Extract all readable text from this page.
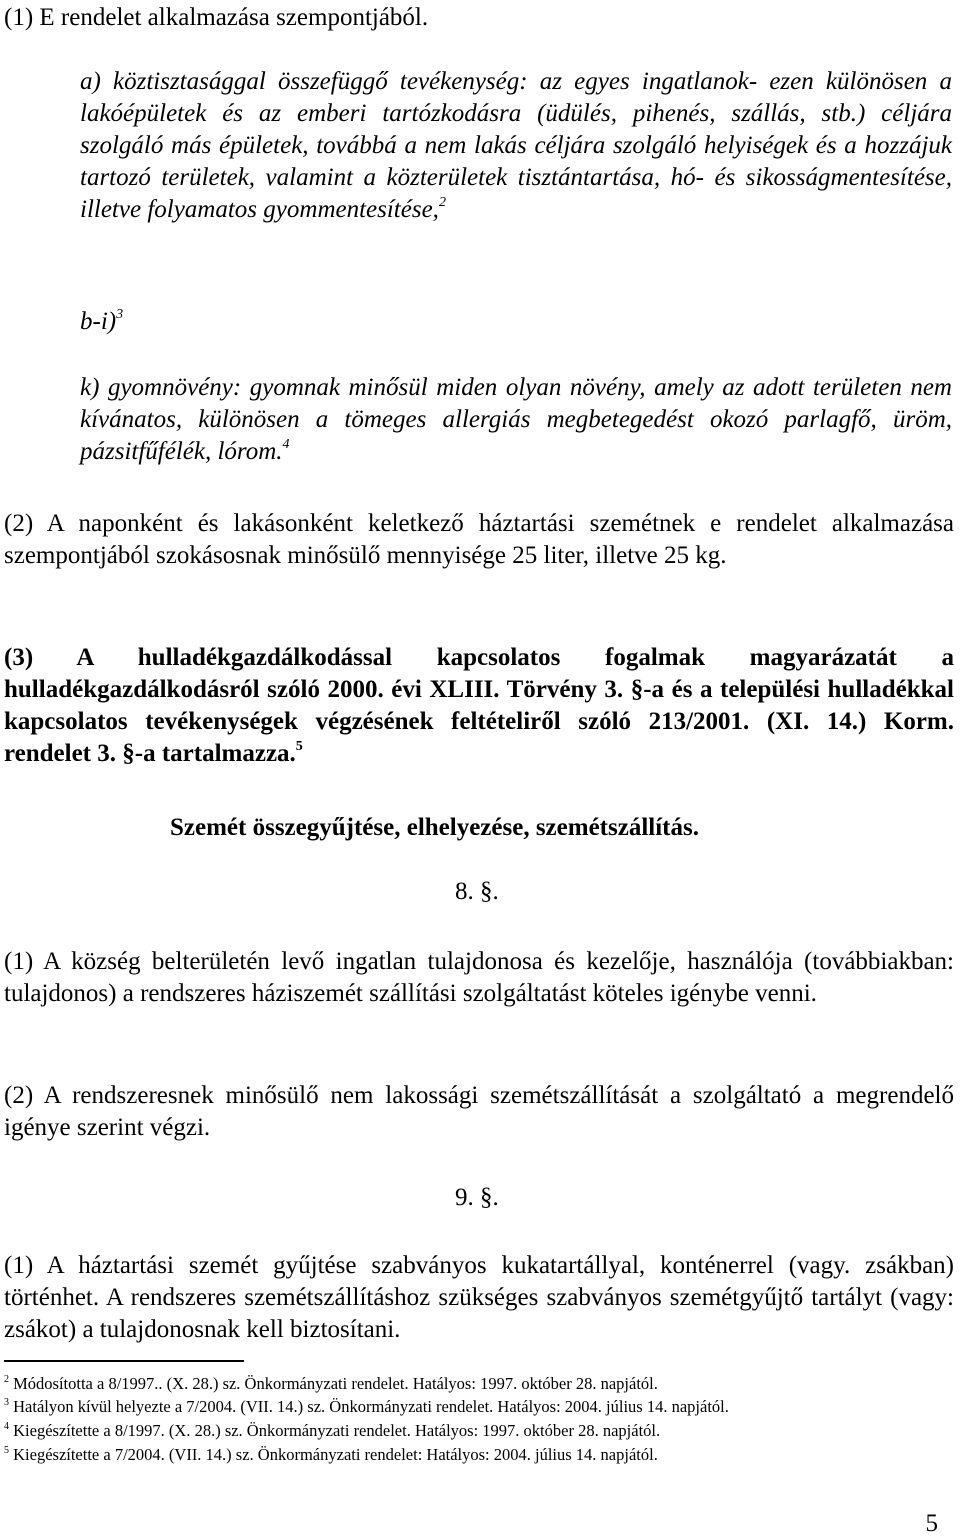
(1) E rendelet alkalmazása szempontjából.

a) köztisztasággal összefüggő tevékenység: az egyes ingatlanok- ezen különösen a lakóépületek és az emberi tartózkodásra (üdülés, pihenés, szállás, stb.) céljára szolgáló más épületek, továbbá a nem lakás céljára szolgáló helyiségek és a hozzájuk tartozó területek, valamint a közterületek tisztántartása, hó- és sikosságmentesítése, illetve folyamatos gyommentesítése,$^2$

b-i)$^3$

k) gyomnövény: gyomnak minősül miden olyan növény, amely az adott területen nem kívánatos, különösen a tömeges allergiás megbetegedést okozó parlagfő, üröm, pázsitfűfélék, lórom.$^4$

(2) A naponként és lakásonként keletkező háztartási szemétnek e rendelet alkalmazása szempontjából szokásosnak minősülő mennyisége 25 liter, illetve 25 kg.

(3) A hulladékgazdálkodással kapcsolatos fogalmak magyarázatát a hulladékgazdálkodásról szóló 2000. évi XLIII. Törvény 3. §-a és a települési hulladékkal kapcsolatos tevékenységek végzésének feltételiről szóló 213/2001. (XI. 14.) Korm. rendelet 3. §-a tartalmazza.$^5$

Szemét összegyűjtése, elhelyezése, szemétszállítás.

8. §.

(1) A község belterületén levő ingatlan tulajdonosa és kezelője, használója (továbbiakban: tulajdonos) a rendszeres háziszemét szállítási szolgáltatást köteles igénybe venni.

(2) A rendszeresnek minősülő nem lakossági szemétszállítását a szolgáltató a megrendelő igénye szerint végzi.

9. §.

(1) A háztartási szemét gyűjtése szabványos kukatartállyal, konténerrel (vagy. zsákban) történhet. A rendszeres szemétszállításhoz szükséges szabványos szemétgyűjtő tartályt (vagy: zsákot) a tulajdonosnak kell biztosítani.

$^2$ Módosította a 8/1997.. (X. 28.) sz. Önkormányzati rendelet. Hatályos: 1997. október 28. napjától.

$^3$ Hatályon kívül helyezte a 7/2004. (VII. 14.) sz. Önkormányzati rendelet. Hatályos: 2004. július 14. napjától.

$^4$ Kiegészítette a 8/1997. (X. 28.) sz. Önkormányzati rendelet. Hatályos: 1997. október 28. napjától.

$^5$ Kiegészítette a 7/2004. (VII. 14.) sz. Önkormányzati rendelet: Hatályos: 2004. július 14. napjától.

5
